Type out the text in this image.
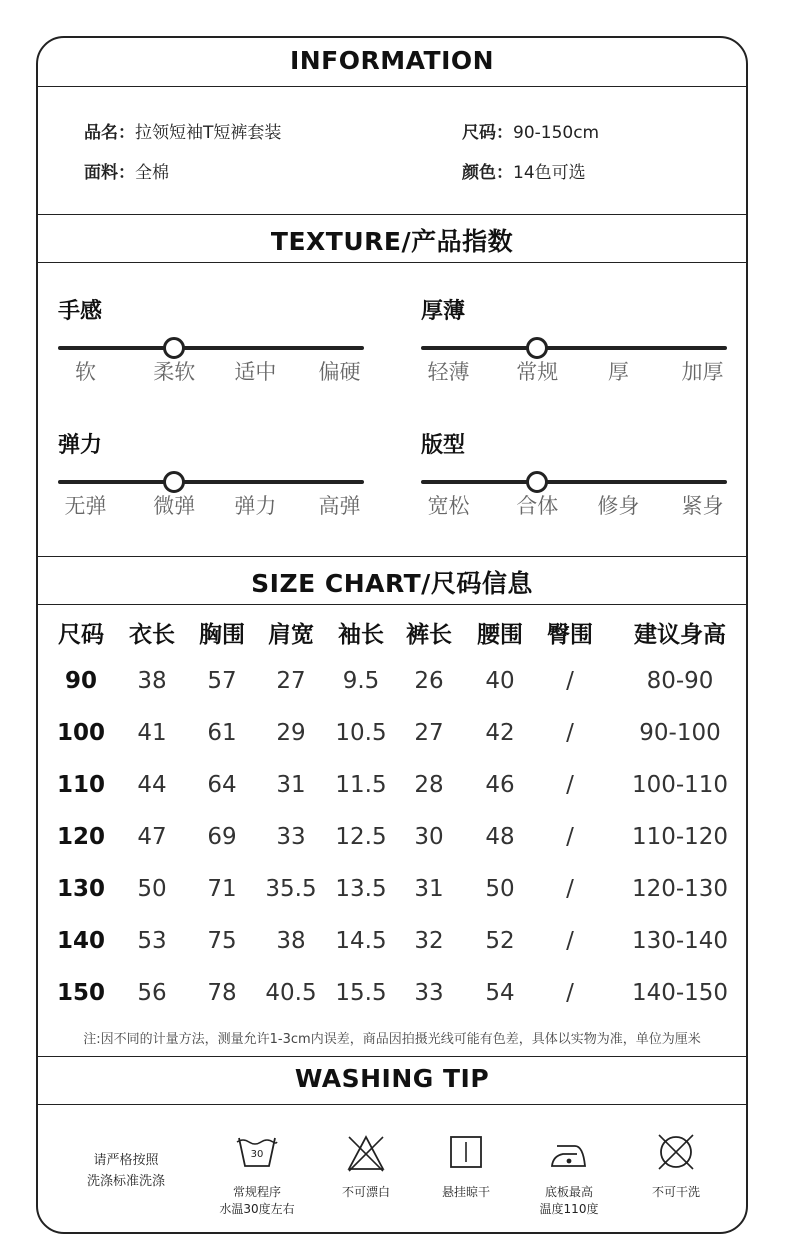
INFORMATION
品名：拉领短袖T短裤套装
面料：全棉
尺码：90-150cm
颜色：14色可选
TEXTURE/产品指数
手感
软	柔软 适中 偏硬
厚薄
轻薄 常规 厚	加厚
弹力
无弹 微弹 弹力 高弹
版型
宽松 合体 修身 紧身
SIZE CHART/尺码信息
尺码 衣长 胸围 肩宽 袖长 裤长 腰围 臀围 建议身高
90 38 57 27 9.5 26 40 /	80-90
100 41 61 29 10.5 27 42 /	90-100
110 44 64 31 11.5 28 46 /	100-110
120 47 69 33 12.5 30 48 /	110-120
130 50 71 35.5 13.5 31 50 /	120-130
140 53 75 38 14.5 32 52 /	130-140
150 56 78 40.5 15.5 33 54 /	140-150
注:因不同的计量方法，测量允许1-3cm内误差，商品因拍摄光线可能有色差，具体以实物为准，单位为厘米
WASHING TIP
请严格按照
洗涤标准洗涤
30
常规程序
水温30度左右
不可漂白	悬挂晾干	底板最高
温度110度
不可干洗
